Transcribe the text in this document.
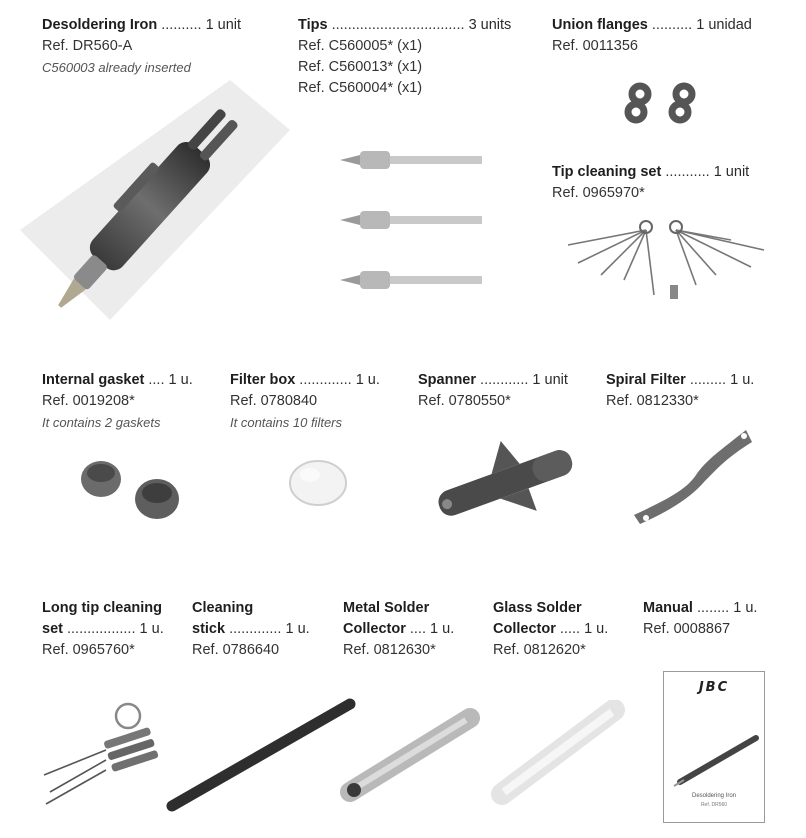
Desoldering Iron .......... 1 unit
Ref. DR560-A
C560003 already inserted
Tips ................................. 3 units
Ref. C560005* (x1)
Ref. C560013* (x1)
Ref. C560004* (x1)
Union flanges .......... 1 unidad
Ref. 0011356
Tip cleaning set ........... 1 unit
Ref. 0965970*
Internal gasket .... 1 u.
Ref. 0019208*
It contains 2 gaskets
Filter box ............. 1 u.
Ref. 0780840
It contains 10 filters
Spanner ............ 1 unit
Ref. 0780550*
Spiral Filter ......... 1 u.
Ref. 0812330*
Long tip cleaning
set ................. 1 u.
Ref. 0965760*
Cleaning
stick ............. 1 u.
Ref. 0786640
Metal Solder
Collector .... 1 u.
Ref. 0812630*
Glass Solder
Collector ..... 1 u.
Ref. 0812620*
Manual ........ 1 u.
Ref. 0008867
JBC
Desoldering Iron
Ref. DR560
